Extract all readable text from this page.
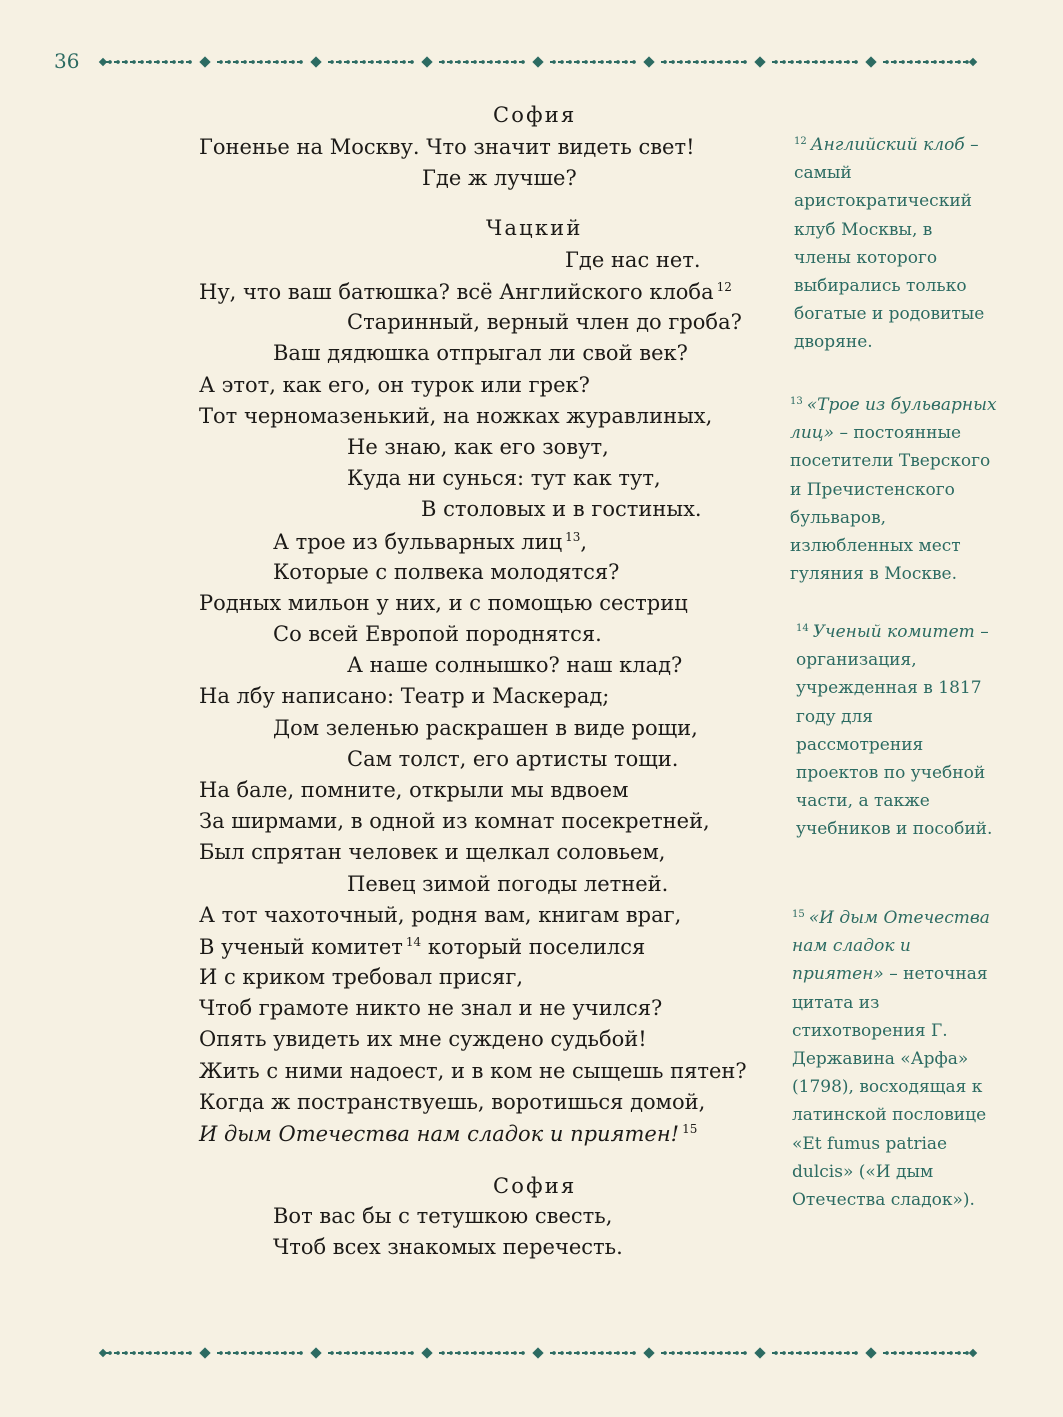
36
София
Чацкий
София
Гоненье на Москву. Что значит видеть свет!
Где ж лучше?
Где нас нет.
Ну, что ваш батюшка? всё Английского клоба $^{12}$
Старинный, верный член до гроба?
Ваш дядюшка отпрыгал ли свой век?
А этот, как его, он турок или грек?
Тот черномазенький, на ножках журавлиных,
Не знаю, как его зовут,
Куда ни сунься: тут как тут,
В столовых и в гостиных.
А трое из бульварных лиц $^{13}$,
Которые с полвека молодятся?
Родных мильон у них, и с помощью сестриц
Со всей Европой породнятся.
А наше солнышко? наш клад?
На лбу написано: Театр и Маскерад;
Дом зеленью раскрашен в виде рощи,
Сам толст, его артисты тощи.
На бале, помните, открыли мы вдвоем
За ширмами, в одной из комнат посекретней,
Был спрятан человек и щелкал соловьем,
Певец зимой погоды летней.
А тот чахоточный, родня вам, книгам враг,
В ученый комитет $^{14}$ который поселился
И с криком требовал присяг,
Чтоб грамоте никто не знал и не учился?
Опять увидеть их мне суждено судьбой!
Жить с ними надоест, и в ком не сыщешь пятен?
Когда ж постранствуешь, воротишься домой,
И дым Отечества нам сладок и приятен! $^{15}$
Вот вас бы с тетушкою свесть,
Чтоб всех знакомых перечесть.
$^{12}$ Английский клоб – самый аристократический клуб Москвы, в члены которого выбирались только богатые и родовитые дворяне.
$^{13}$ «Трое из бульварных лиц» – постоянные посетители Тверского и Пречистенского бульваров, излюбленных мест гуляния в Москве.
$^{14}$ Ученый комитет – организация, учрежденная в 1817 году для рассмотрения проектов по учебной части, а также учебников и пособий.
$^{15}$ «И дым Отечества нам сладок и приятен» – неточная цитата из стихотворения Г. Державина «Арфа» (1798), восходящая к латинской пословице «Et fumus patriae dulcis» («И дым Отечества сладок»).
